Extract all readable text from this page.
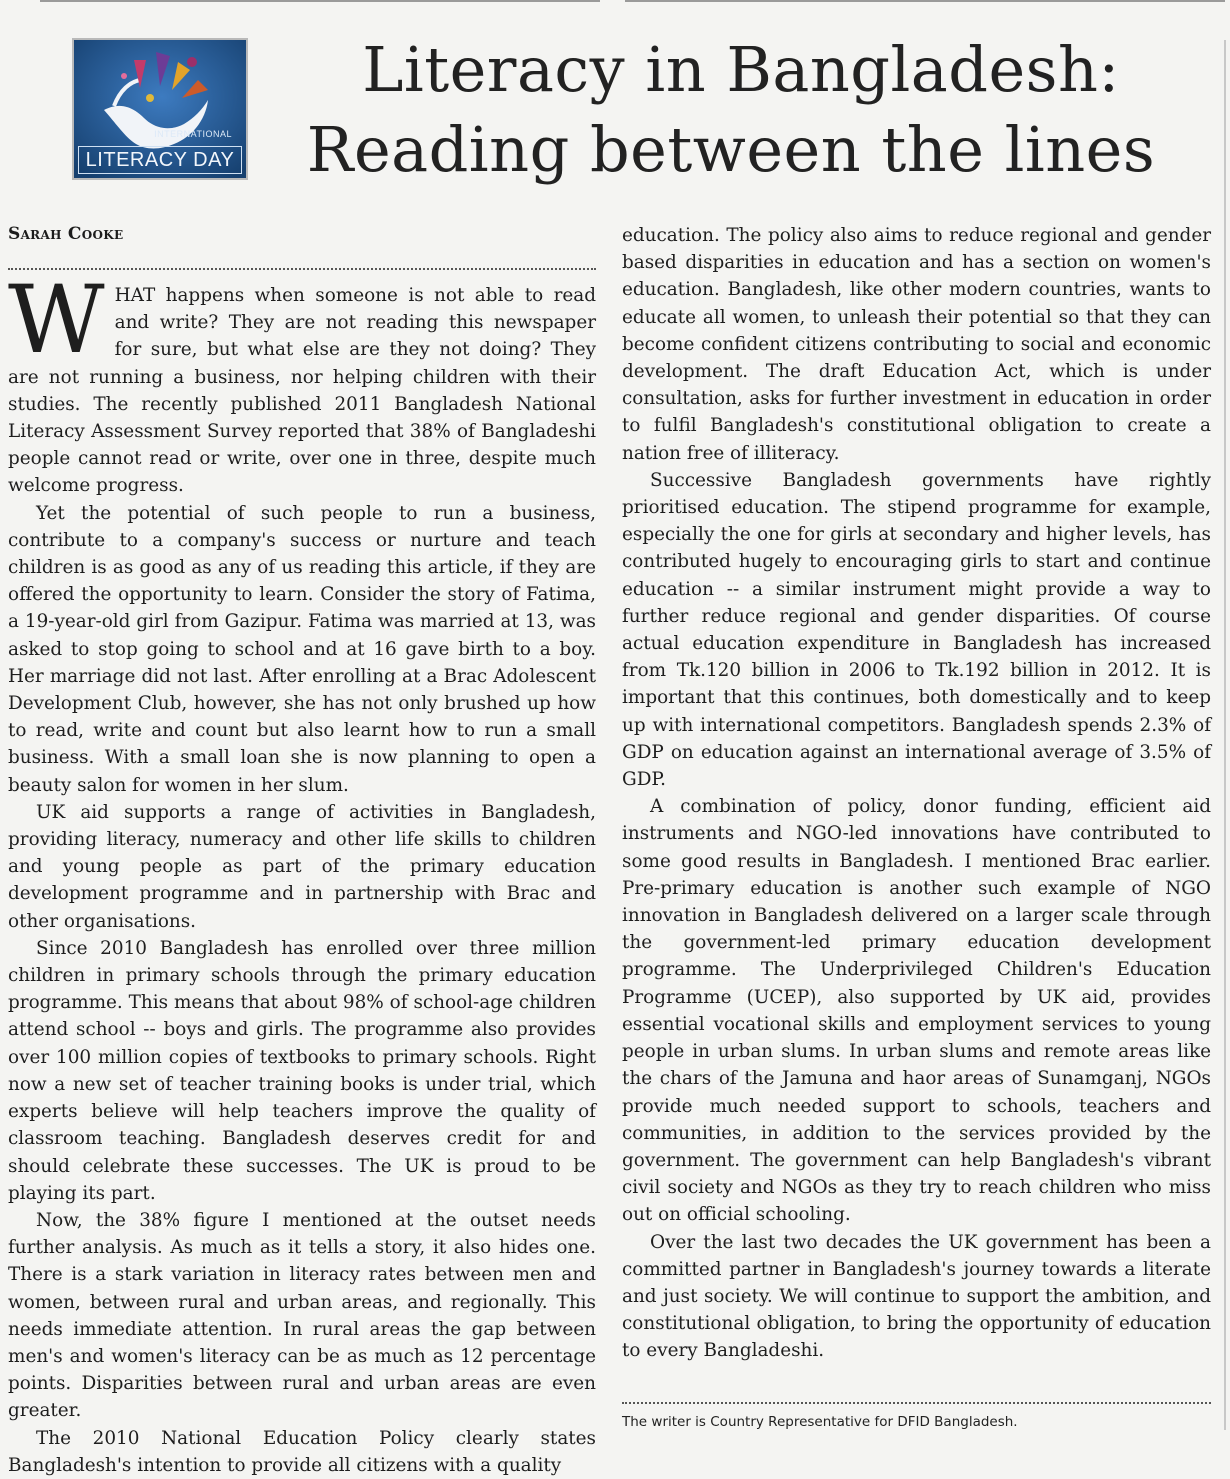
INTERNATIONAL
LITERACY DAY
Literacy in Bangladesh:
Reading between the lines
Sarah Cooke

WHAT happens when someone is not able to read and write? They are not reading this newspaper for sure, but what else are they not doing? They are not running a business, nor helping children with their studies. The recently published 2011 Bangladesh National Literacy Assessment Survey reported that 38% of Bangladeshi people cannot read or write, over one in three, despite much welcome progress.

Yet the potential of such people to run a business, contribute to a company's success or nurture and teach children is as good as any of us reading this article, if they are offered the opportunity to learn. Consider the story of Fatima, a 19-year-old girl from Gazipur. Fatima was married at 13, was asked to stop going to school and at 16 gave birth to a boy. Her marriage did not last. After enrolling at a Brac Adolescent Development Club, however, she has not only brushed up how to read, write and count but also learnt how to run a small business. With a small loan she is now planning to open a beauty salon for women in her slum.

UK aid supports a range of activities in Bangladesh, providing literacy, numeracy and other life skills to children and young people as part of the primary education development programme and in partnership with Brac and other organisations.

Since 2010 Bangladesh has enrolled over three million children in primary schools through the primary education programme. This means that about 98% of school-age children attend school -- boys and girls. The programme also provides over 100 million copies of textbooks to primary schools. Right now a new set of teacher training books is under trial, which experts believe will help teachers improve the quality of classroom teaching. Bangladesh deserves credit for and should celebrate these successes. The UK is proud to be playing its part.

Now, the 38% figure I mentioned at the outset needs further analysis. As much as it tells a story, it also hides one. There is a stark variation in literacy rates between men and women, between rural and urban areas, and regionally. This needs immediate attention. In rural areas the gap between men's and women's literacy can be as much as 12 percentage points. Disparities between rural and urban areas are even greater.

The 2010 National Education Policy clearly states Bangladesh's intention to provide all citizens with a quality

education. The policy also aims to reduce regional and gender based disparities in education and has a section on women's education. Bangladesh, like other modern countries, wants to educate all women, to unleash their potential so that they can become confident citizens contributing to social and economic development. The draft Education Act, which is under consultation, asks for further investment in education in order to fulfil Bangladesh's constitutional obligation to create a nation free of illiteracy.

Successive Bangladesh governments have rightly prioritised education. The stipend programme for example, especially the one for girls at secondary and higher levels, has contributed hugely to encouraging girls to start and continue education -- a similar instrument might provide a way to further reduce regional and gender disparities. Of course actual education expenditure in Bangladesh has increased from Tk.120 billion in 2006 to Tk.192 billion in 2012. It is important that this continues, both domestically and to keep up with international competitors. Bangladesh spends 2.3% of GDP on education against an international average of 3.5% of GDP.

A combination of policy, donor funding, efficient aid instruments and NGO-led innovations have contributed to some good results in Bangladesh. I mentioned Brac earlier. Pre-primary education is another such example of NGO innovation in Bangladesh delivered on a larger scale through the government-led primary education development programme. The Underprivileged Children's Education Programme (UCEP), also supported by UK aid, provides essential vocational skills and employment services to young people in urban slums. In urban slums and remote areas like the chars of the Jamuna and haor areas of Sunamganj, NGOs provide much needed support to schools, teachers and communities, in addition to the services provided by the government. The government can help Bangladesh's vibrant civil society and NGOs as they try to reach children who miss out on official schooling.

Over the last two decades the UK government has been a committed partner in Bangladesh's journey towards a literate and just society. We will continue to support the ambition, and constitutional obligation, to bring the opportunity of education to every Bangladeshi.

The writer is Country Representative for DFID Bangladesh.
